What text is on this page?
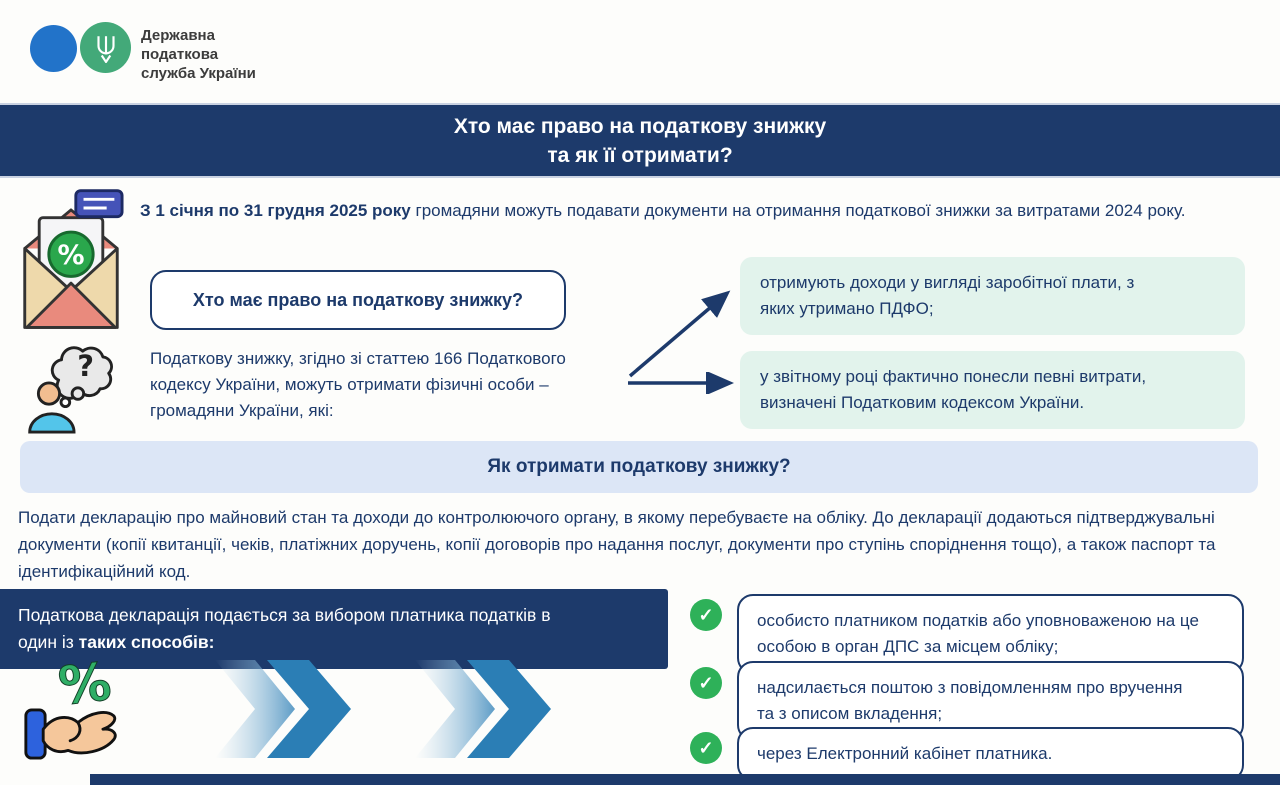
Державна
податкова
служба України
Хто має право на податкову знижку
та як її отримати?
%
З 1 січня по 31 грудня 2025 року громадяни можуть подавати документи на отримання податкової знижки за витратами 2024 року.
Хто має право на податкову знижку?
?	Податкову знижку, згідно зі статтею 166 Податкового кодексу України, можуть отримати фізичні особи – громадяни України, які:
отримують доходи у вигляді заробітної плати, з яких утримано ПДФО;
у звітному році фактично понесли певні витрати, визначені Податковим кодексом України.
Як отримати податкову знижку?
Подати декларацію про майновий стан та доходи до контролюючого органу, в якому перебуваєте на обліку. До декларації додаються підтверджувальні документи (копії квитанції, чеків, платіжних доручень, копії договорів про надання послуг, документи про ступінь споріднення тощо), а також паспорт та ідентифікаційний код.
Податкова декларація подається за вибором платника податків в один із таких способів:
%
✓	особисто платником податків або уповноваженою на це особою в орган ДПС за місцем обліку;
✓	надсилається поштою з повідомленням про вручення та з описом вкладення;
✓	через Електронний кабінет платника.
